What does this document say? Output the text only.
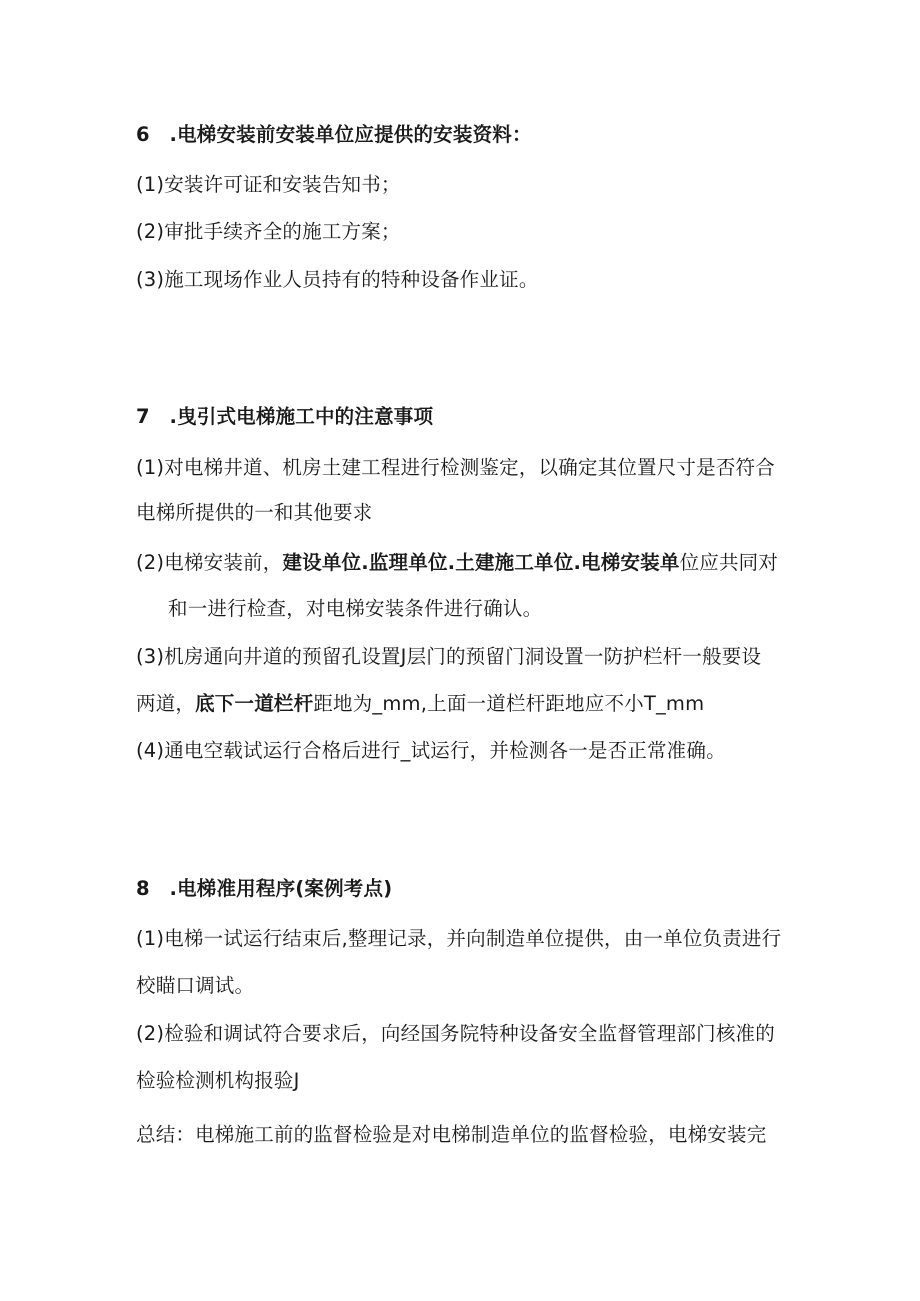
6　.电梯安装前安装单位应提供的安装资料：
(1)安装许可证和安装告知书；
(2)审批手续齐全的施工方案；
(3)施工现场作业人员持有的特种设备作业证。
7　.曳引式电梯施工中的注意事项
(1)对电梯井道、机房土建工程进行检测鉴定，以确定其位置尺寸是否符合
电梯所提供的一和其他要求
(2)电梯安装前，建设单位.监理单位.土建施工单位.电梯安装单位应共同对
和一进行检查，对电梯安装条件进行确认。
(3)机房通向井道的预留孔设置J层门的预留门洞设置一防护栏杆一般要设
两道，底下一道栏杆距地为_mm,上面一道栏杆距地应不小T_mm
(4)通电空载试运行合格后进行_试运行，并检测各一是否正常准确。
8　.电梯准用程序(案例考点)
(1)电梯一试运行结束后,整理记录，并向制造单位提供，由一单位负责进行
校瞄口调试。
(2)检验和调试符合要求后，向经国务院特种设备安全监督管理部门核准的
检验检测机构报验J
总结：电梯施工前的监督检验是对电梯制造单位的监督检验，电梯安装完
